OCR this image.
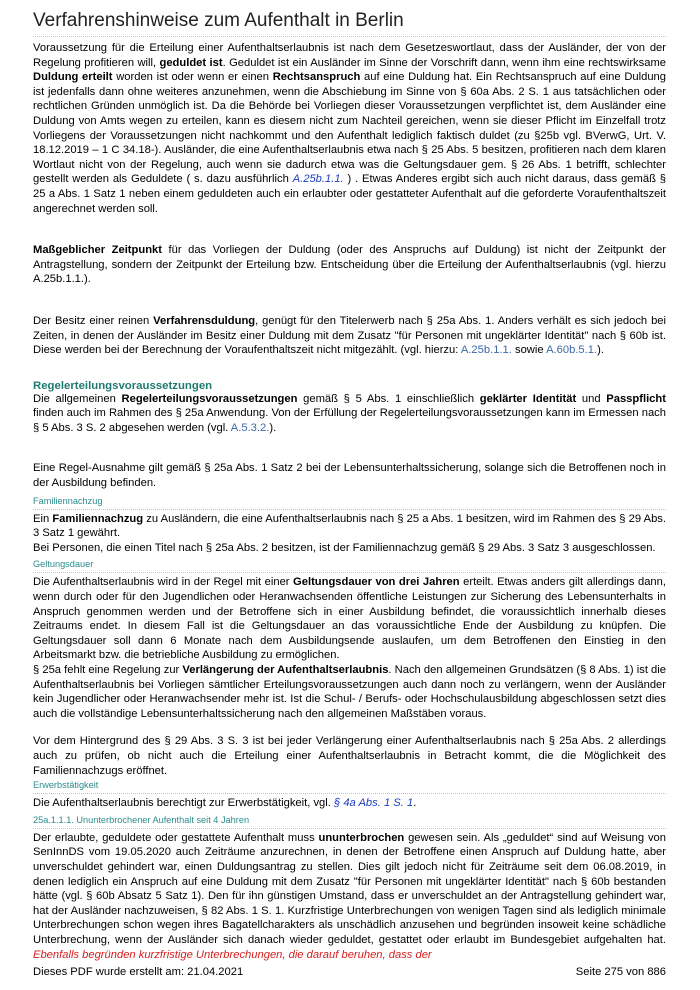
Verfahrenshinweise zum Aufenthalt in Berlin

Voraussetzung für die Erteilung einer Aufenthaltserlaubnis ist nach dem Gesetzeswortlaut, dass der Ausländer, der von der Regelung profitieren will, geduldet ist. Geduldet ist ein Ausländer im Sinne der Vorschrift dann, wenn ihm eine rechtswirksame Duldung erteilt worden ist oder wenn er einen Rechtsanspruch auf eine Duldung hat. Ein Rechtsanspruch auf eine Duldung ist jedenfalls dann ohne weiteres anzunehmen, wenn die Abschiebung im Sinne von § 60a Abs. 2 S. 1 aus tatsächlichen oder rechtlichen Gründen unmöglich ist. Da die Behörde bei Vorliegen dieser Voraussetzungen verpflichtet ist, dem Ausländer eine Duldung von Amts wegen zu erteilen, kann es diesem nicht zum Nachteil gereichen, wenn sie dieser Pflicht im Einzelfall trotz Vorliegens der Voraussetzungen nicht nachkommt und den Aufenthalt lediglich faktisch duldet (zu §25b vgl. BVerwG, Urt. V. 18.12.2019 – 1 C 34.18-). Ausländer, die eine Aufenthaltserlaubnis etwa nach § 25 Abs. 5 besitzen, profitieren nach dem klaren Wortlaut nicht von der Regelung, auch wenn sie dadurch etwa was die Geltungsdauer gem. § 26 Abs. 1 betrifft, schlechter gestellt werden als Geduldete ( s. dazu ausführlich A.25b.1.1. ) . Etwas Anderes ergibt sich auch nicht daraus, dass gemäß § 25 a Abs. 1 Satz 1 neben einem geduldeten auch ein erlaubter oder gestatteter Aufenthalt auf die geforderte Voraufenthaltszeit angerechnet werden soll.

Maßgeblicher Zeitpunkt für das Vorliegen der Duldung (oder des Anspruchs auf Duldung) ist nicht der Zeitpunkt der Antragstellung, sondern der Zeitpunkt der Erteilung bzw. Entscheidung über die Erteilung der Aufenthaltserlaubnis (vgl. hierzu A.25b.1.1.).

Der Besitz einer reinen Verfahrensduldung, genügt für den Titelerwerb nach § 25a Abs. 1. Anders verhält es sich jedoch bei Zeiten, in denen der Ausländer im Besitz einer Duldung mit dem Zusatz "für Personen mit ungeklärter Identität" nach § 60b ist. Diese werden bei der Berechnung der Voraufenthaltszeit nicht mitgezählt. (vgl. hierzu: A.25b.1.1. sowie A.60b.5.1.).

Regelerteilungsvoraussetzungen

Die allgemeinen Regelerteilungsvoraussetzungen gemäß § 5 Abs. 1 einschließlich geklärter Identität und Passpflicht finden auch im Rahmen des § 25a Anwendung. Von der Erfüllung der Regelerteilungsvoraussetzungen kann im Ermessen nach § 5 Abs. 3 S. 2 abgesehen werden (vgl. A.5.3.2.).

Eine Regel-Ausnahme gilt gemäß § 25a Abs. 1 Satz 2 bei der Lebensunterhaltssicherung, solange sich die Betroffenen noch in der Ausbildung befinden.

Familiennachzug

Ein Familiennachzug zu Ausländern, die eine Aufenthaltserlaubnis nach § 25 a Abs. 1 besitzen, wird im Rahmen des § 29 Abs. 3 Satz 1 gewährt.

Bei Personen, die einen Titel nach § 25a Abs. 2 besitzen, ist der Familiennachzug gemäß § 29 Abs. 3 Satz 3 ausgeschlossen.

Geltungsdauer

Die Aufenthaltserlaubnis wird in der Regel mit einer Geltungsdauer von drei Jahren erteilt. Etwas anders gilt allerdings dann, wenn durch oder für den Jugendlichen oder Heranwachsenden öffentliche Leistungen zur Sicherung des Lebensunterhalts in Anspruch genommen werden und der Betroffene sich in einer Ausbildung befindet, die voraussichtlich innerhalb dieses Zeitraums endet. In diesem Fall ist die Geltungsdauer an das voraussichtliche Ende der Ausbildung zu knüpfen. Die Geltungsdauer soll dann 6 Monate nach dem Ausbildungsende auslaufen, um dem Betroffenen den Einstieg in den Arbeitsmarkt bzw. die betriebliche Ausbildung zu ermöglichen.

§ 25a fehlt eine Regelung zur Verlängerung der Aufenthaltserlaubnis. Nach den allgemeinen Grundsätzen (§ 8 Abs. 1) ist die Aufenthaltserlaubnis bei Vorliegen sämtlicher Erteilungsvoraussetzungen auch dann noch zu verlängern, wenn der Ausländer kein Jugendlicher oder Heranwachsender mehr ist. Ist die Schul- / Berufs- oder Hochschulausbildung abgeschlossen setzt dies auch die vollständige Lebensunterhaltssicherung nach den allgemeinen Maßstäben voraus.

Vor dem Hintergrund des § 29 Abs. 3 S. 3 ist bei jeder Verlängerung einer Aufenthaltserlaubnis nach § 25a Abs. 2 allerdings auch zu prüfen, ob nicht auch die Erteilung einer Aufenthaltserlaubnis in Betracht kommt, die die Möglichkeit des Familiennachzugs eröffnet.

Erwerbstätigkeit

Die Aufenthaltserlaubnis berechtigt zur Erwerbstätigkeit, vgl. § 4a Abs. 1 S. 1.

25a.1.1.1. Ununterbrochener Aufenthalt seit 4 Jahren

Der erlaubte, geduldete oder gestattete Aufenthalt muss ununterbrochen gewesen sein. Als „geduldet“ sind auf Weisung von SenInnDS vom 19.05.2020 auch Zeiträume anzurechnen, in denen der Betroffene einen Anspruch auf Duldung hatte, aber unverschuldet gehindert war, einen Duldungsantrag zu stellen. Dies gilt jedoch nicht für Zeiträume seit dem 06.08.2019, in denen lediglich ein Anspruch auf eine Duldung mit dem Zusatz "für Personen mit ungeklärter Identität" nach § 60b bestanden hätte (vgl. § 60b Absatz 5 Satz 1). Den für ihn günstigen Umstand, dass er unverschuldet an der Antragstellung gehindert war, hat der Ausländer nachzuweisen, § 82 Abs. 1 S. 1. Kurzfristige Unterbrechungen von wenigen Tagen sind als lediglich minimale Unterbrechungen schon wegen ihres Bagatellcharakters als unschädlich anzusehen und begründen insoweit keine schädliche Unterbrechung, wenn der Ausländer sich danach wieder geduldet, gestattet oder erlaubt im Bundesgebiet aufgehalten hat. Ebenfalls begründen kurzfristige Unterbrechungen, die darauf beruhen, dass der

Dieses PDF wurde erstellt am: 21.04.2021	Seite 275 von 886
